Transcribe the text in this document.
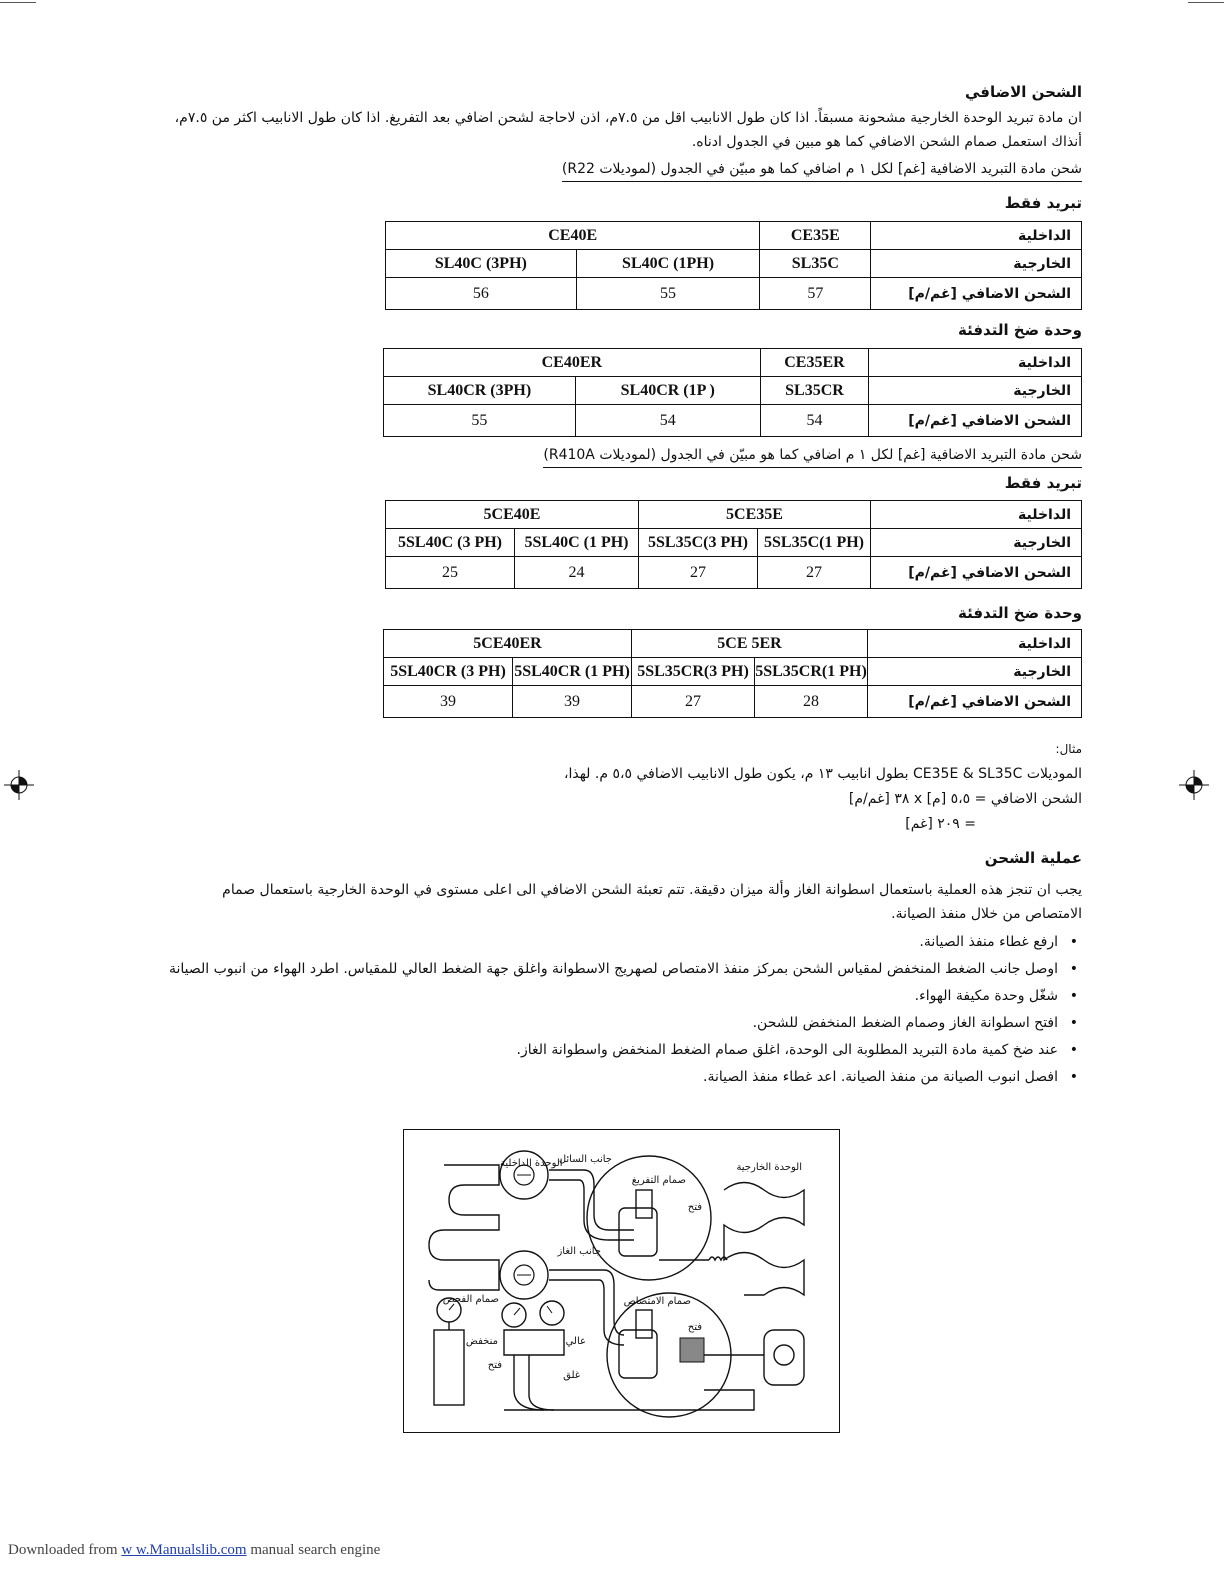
الشحن الاضافي
ان مادة تبريد الوحدة الخارجية مشحونة مسبقاً. اذا كان طول الانابيب اقل من ٧.٥م، اذن لاحاجة لشحن اضافي بعد التفريغ. اذا كان طول الانابيب اكثر من ٧.٥م،
أنذاك استعمل صمام الشحن الاضافي كما هو مبين في الجدول ادناه.
شحن مادة التبريد الاضافية [غم] لكل ١ م اضافي كما هو مبيّن في الجدول (لموديلات R22)
تبريد فقط
CE40E		CE35E	الداخلية
SL40C (3PH)	SL40C (1PH)	SL35C	الخارجية
56	55	57	الشحن الاضافي [غم/م]
وحدة ضخ التدفئة
CE40ER		CE35ER	الداخلية
SL40CR (3PH)	SL40CR (1P )	SL35CR	الخارجية
55	54	54	الشحن الاضافي [غم/م]
شحن مادة التبريد الاضافية [غم] لكل ١ م اضافي كما هو مبيّن في الجدول (لموديلات R410A)
تبريد فقط
5CE40E		5CE35E		الداخلية
5SL40C (3 PH)	5SL40C (1 PH)	5SL35C(3 PH)	5SL35C(1 PH)	الخارجية
25	24	27	27	الشحن الاضافي [غم/م]
وحدة ضخ التدفئة
5CE40ER		5CE 5ER		الداخلية
5SL40CR (3 PH)	5SL40CR (1 PH)	5SL35CR(3 PH)	5SL35CR(1 PH)	الخارجية
39	39	27	28	الشحن الاضافي [غم/م]
مثال:
الموديلات CE35E & SL35C بطول انابيب ١٣ م، يكون طول الانابيب الاضافي ٥،٥ م. لهذا،
الشحن الاضافي = ٥،٥ [م] x ٣٨ [غم/م]
= ٢٠٩ [غم]
عملية الشحن
يجب ان تنجز هذه العملية باستعمال اسطوانة الغاز وألة ميزان دقيقة. تتم تعبئة الشحن الاضافي الى اعلى مستوى في الوحدة الخارجية باستعمال صمام
الامتصاص من خلال منفذ الصيانة.
• ارفع غطاء منفذ الصيانة.
• اوصل جانب الضغط المنخفض لمقياس الشحن بمركز منفذ الامتصاص لصهريج الاسطوانة واغلق جهة الضغط العالي للمقياس. اطرد الهواء من انبوب الصيانة
• شغّل وحدة مكيفة الهواء.
• افتح اسطوانة الغاز وصمام الضغط المنخفض للشحن.
• عند ضخ كمية مادة التبريد المطلوبة الى الوحدة، اغلق صمام الضغط المنخفض واسطوانة الغاز.
• افصل انبوب الصيانة من منفذ الصيانة. اعد غطاء منفذ الصيانة.
الوحدة الداخلية
جانب السائل
الوحدة الخارجية
صمام التفريغ
فتح
جانب الغاز
صمام الفحص	صمام الامتصاص
فتح
منخفض	عالي
فتح
غلق
Downloaded from w w.Manualslib.com manual search engine
